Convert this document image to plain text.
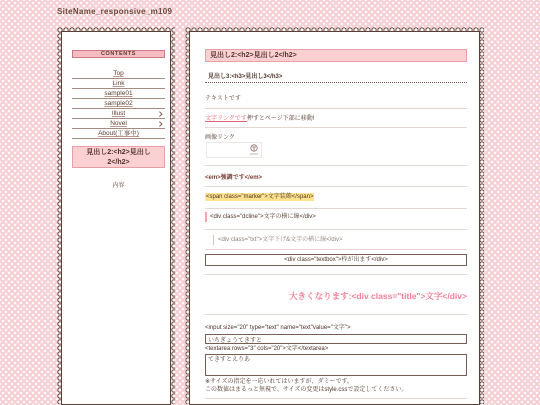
SiteName_responsive_m109
CONTENTS
Top
Link
sample01
sample02
Illust
Novel
About(工事中)
見出し2:<h2>見出し2</h2>
内容
見出し2:<h2>見出し2</h2>
見出し3:<h3>見出し3</h3>
テキストです
文字リンクです押すとページ下部に移動!
画像リンク
<em>強調です</em>
<span class="marker">文字装飾</span>
<div class="dcline">文字の横に線</div>
<div class="txt">文字下げ&文字の横に線</div>
<div class="textbox">枠が出ます</div>
大きくなります:<div class="title">文字</div>
<input size="20" type="text" name="text"value="文字">
いちぎょうてきすと
<textarea rows="3" cols="20">文字</textarea>
てきすとえりあ
※サイズの指定を一応いれてはいますが、ダミーです。
この数値はまるっと無視で、サイズの変更はstyle.cssで設定してください。
